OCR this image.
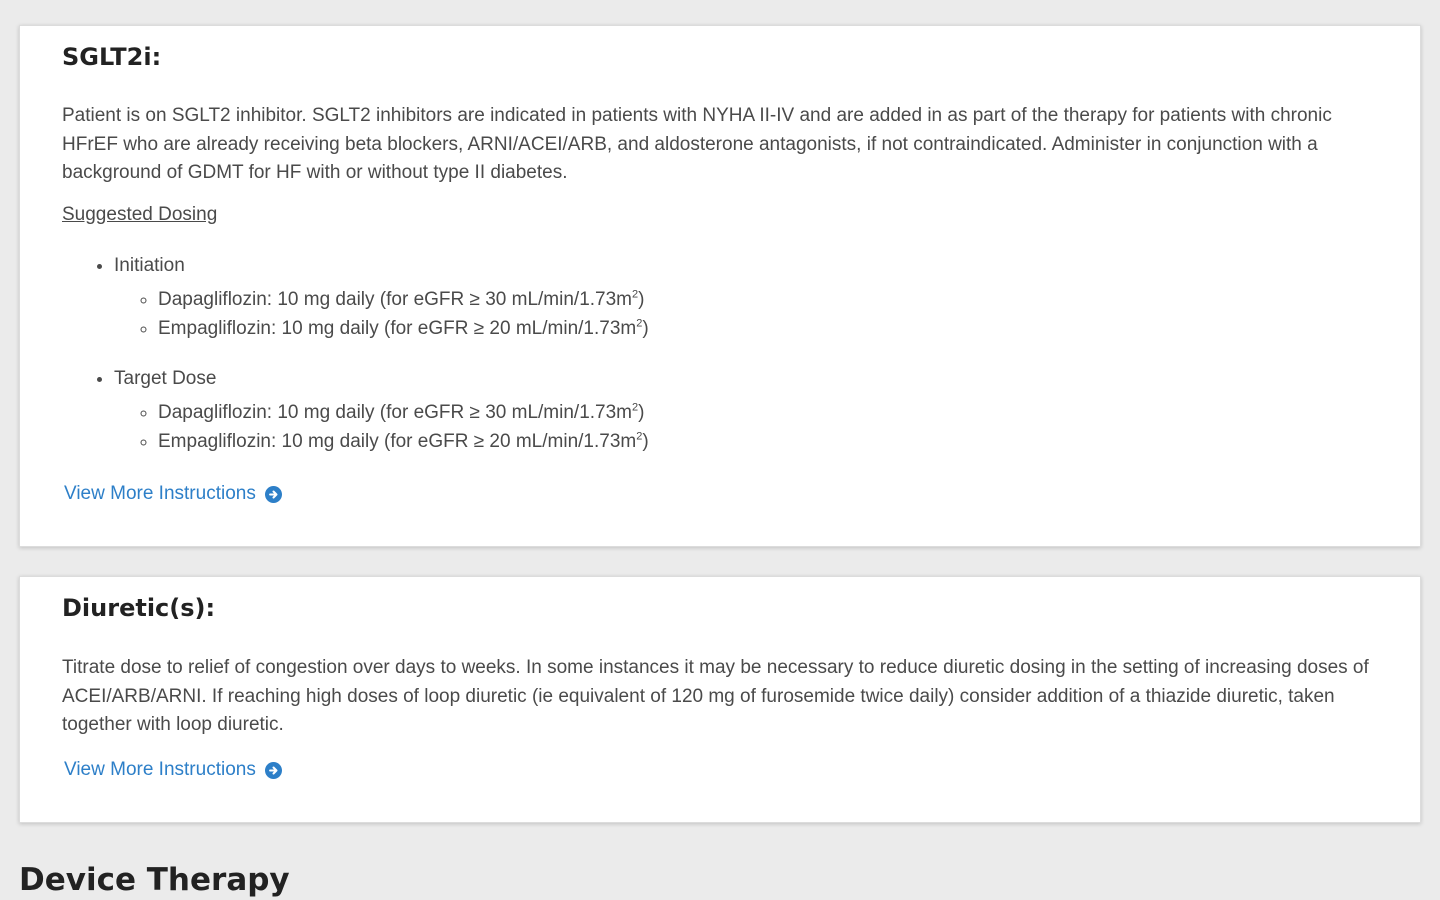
SGLT2i:

Patient is on SGLT2 inhibitor. SGLT2 inhibitors are indicated in patients with NYHA II-IV and are added in as part of the therapy for patients with chronic HFrEF who are already receiving beta blockers, ARNI/ACEI/ARB, and aldosterone antagonists, if not contraindicated. Administer in conjunction with a background of GDMT for HF with or without type II diabetes.

Suggested Dosing

• Initiation
◦ Dapagliflozin: 10 mg daily (for eGFR ≥ 30 $mL/\min/1.73m^2$)
◦ Empagliflozin: 10 mg daily (for eGFR ≥ 20 $mL/\min/1.73m^2$)
• Target Dose
◦ Dapagliflozin: 10 mg daily (for eGFR ≥ 30 $mL/\min/1.73m^2$)
◦ Empagliflozin: 10 mg daily (for eGFR ≥ 20 $mL/\min/1.73m^2$)
View More Instructions
Diuretic(s):

Titrate dose to relief of congestion over days to weeks. In some instances it may be necessary to reduce diuretic dosing in the setting of increasing doses of ACEI/ARB/ARNI. If reaching high doses of loop diuretic (ie equivalent of 120 mg of furosemide twice daily) consider addition of a thiazide diuretic, taken together with loop diuretic.

View More Instructions
Device Therapy
